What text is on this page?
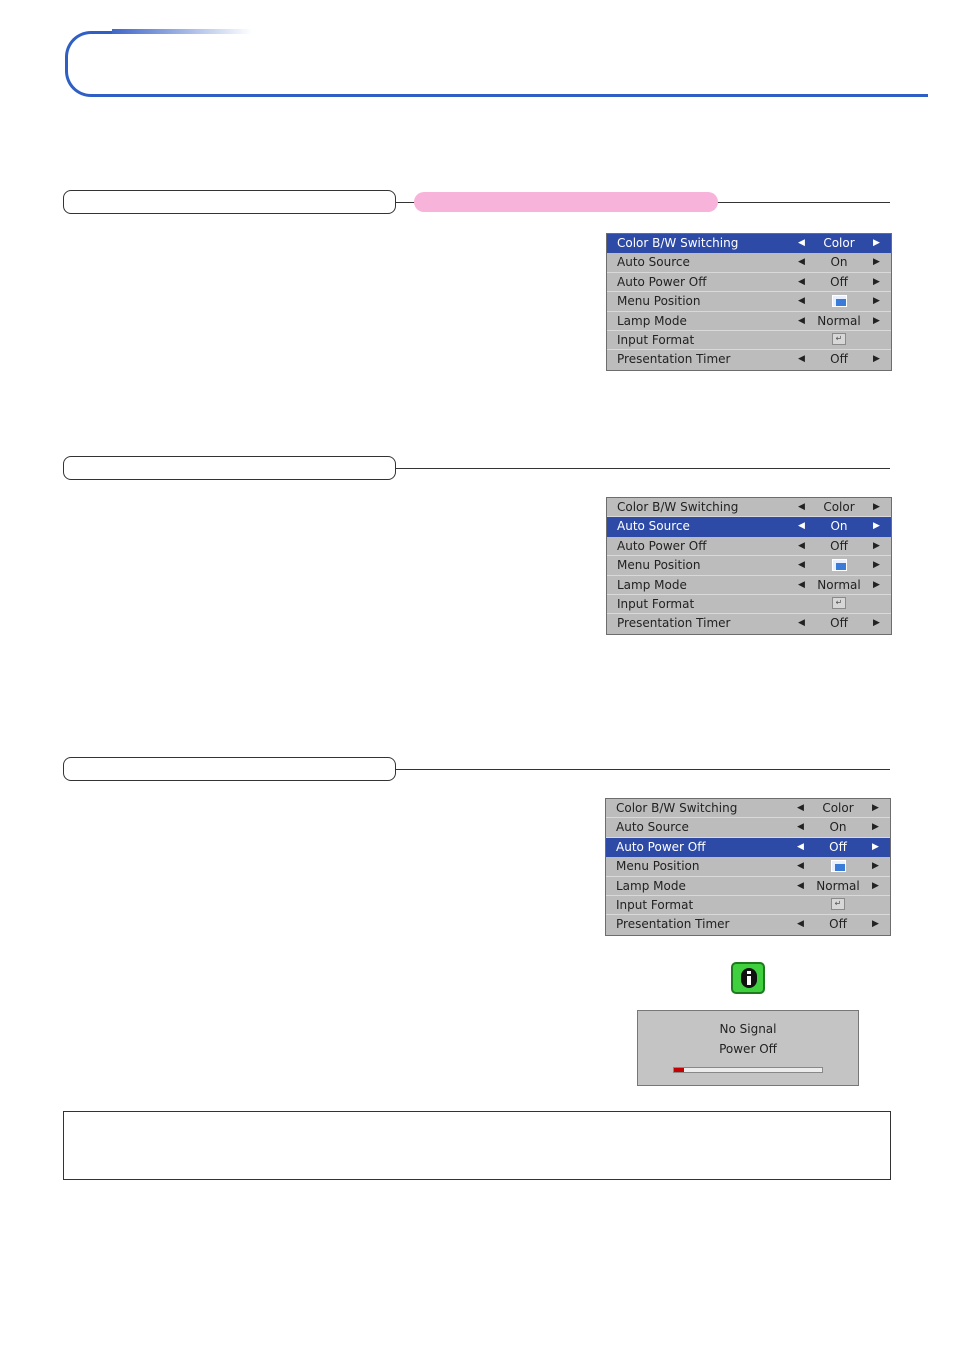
Color B/W Switching	◀	Color	▶
Auto Source	◀	On	▶
Auto Power Off	◀	Off	▶
Menu Position	◀	▶
Lamp Mode	◀	Normal	▶
Input Format	↵
Presentation Timer	◀	Off	▶
Color B/W Switching	◀	Color	▶
Auto Source	◀	On	▶
Auto Power Off	◀	Off	▶
Menu Position	◀	▶
Lamp Mode	◀	Normal	▶
Input Format	↵
Presentation Timer	◀	Off	▶
Color B/W Switching	◀	Color	▶
Auto Source	◀	On	▶
Auto Power Off	◀	Off	▶
Menu Position	◀	▶
Lamp Mode	◀	Normal	▶
Input Format	↵
Presentation Timer	◀	Off	▶
No Signal
Power Off
